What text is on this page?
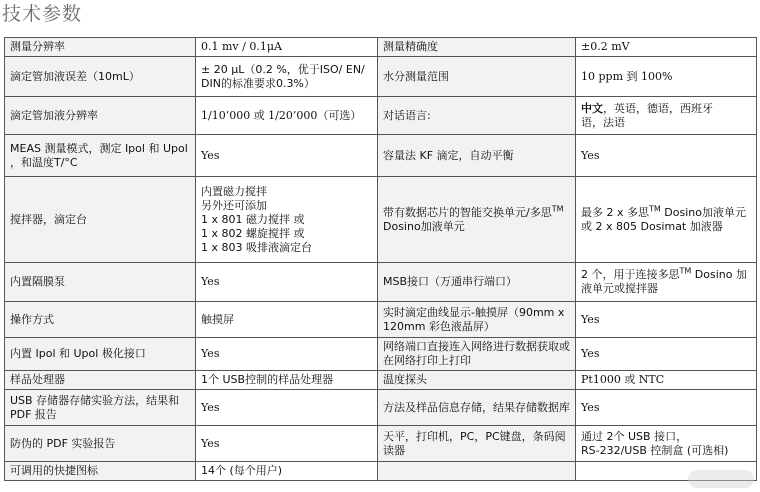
技术参数
测量分辨率	0.1 mv / 0.1μA	测量精确度	±0.2 mV

滴定管加液误差（10mL）	± 20 μL（0.2 %，优于ISO/ EN/
DIN的标准要求0.3%）	水分测量范围	10 ppm 到 100%

滴定管加液分辨率	1/10’000 或 1/20’000（可选）	对话语言:	中文，英语，德语，西班牙
语，法语

MEAS 测量模式，测定 Ipol 和 Upol ，和温度T/°C	Yes	容量法 KF 滴定，自动平衡	Yes

搅拌器，滴定台	内置磁力搅拌
另外还可添加
1 x 801 磁力搅拌 或
1 x 802 螺旋搅拌 或
1 x 803 吸排液滴定台	带有数据芯片的智能交换单元/多思™ Dosino加液单元	最多 2 x 多思™ Dosino加液单元 或 2 x 805 Dosimat 加液器
内置隔膜泵	Yes	MSB接口（万通串行端口）	2 个，用于连接多思™ Dosino 加液单元或搅拌器
操作方式	触摸屏	实时滴定曲线显示-触摸屏（90mm x 120mm 彩色液晶屏）	Yes

内置 Ipol 和 Upol 极化接口	Yes	网络端口直接连入网络进行数据获取或在网络打印上打印	Yes

样品处理器	1个 USB控制的样品处理器	温度探头	Pt1000 或 NTC

USB 存储器存储实验方法，结果和 PDF 报告	Yes	方法及样品信息存储，结果存储数据库	Yes

防伪的 PDF 实验报告	Yes	天平，打印机，PC，PC键盘，条码阅读器	通过 2个 USB 接口，
RS-232/USB 控制盒 (可选相)

可调用的快捷图标	14个 (每个用户)		
